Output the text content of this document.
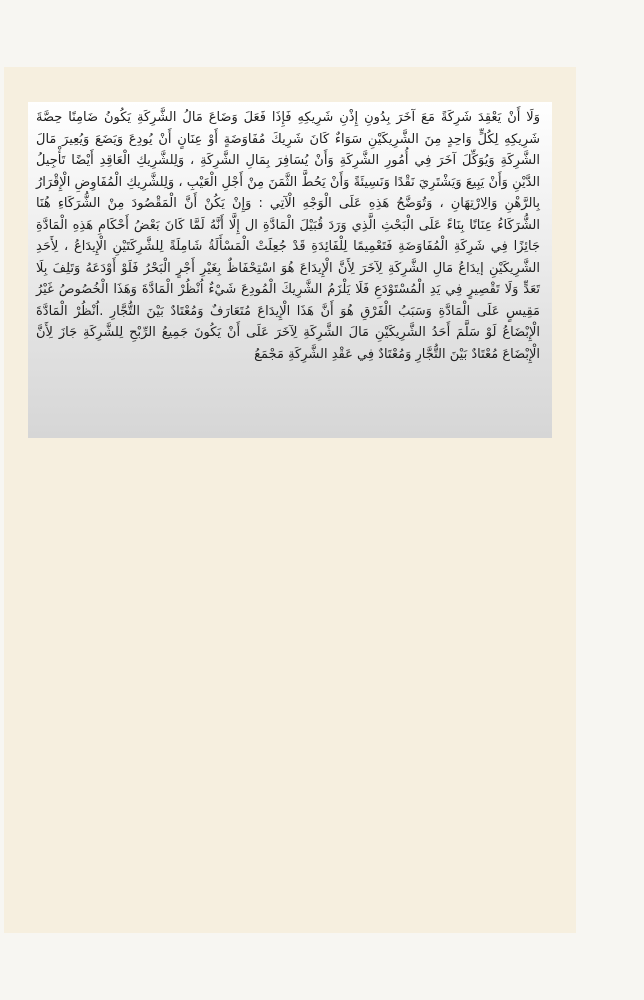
وَلَا أَنْ يَعْقِدَ شَرِكَةً مَعَ آخَرَ بِدُونِ إِذْنِ شَرِيكِهِ فَإِذَا فَعَلَ وَضَاعَ مَالُ الشَّرِكَةِ يَكُونُ ضَامِنًا حِصَّةَ شَرِيكِهِ لِكُلٍّ وَاحِدٍ مِنَ الشَّرِيكَيْنِ سَوَاءٌ كَانَ شَرِيكَ مُفَاوَضَةٍ أَوْ عِنَانٍ أَنْ يُودِعَ وَيَضَعَ وَيُعِيرَ مَالَ الشَّرِكَةِ وَيُوَكِّلَ آخَرَ فِي أُمُورِ الشَّرِكَةِ وَأَنْ يُسَافِرَ بِمَالِ الشَّرِكَةِ ، وَلِلشَّرِيكِ الْعَاقِدِ أَيْضًا تَأْجِيلُ الدَّيْنِ وَأَنْ يَبِيعَ وَيَشْتَرِيَ نَقْدًا وَنَسِيئَةً وَأَنْ يَحُطَّ الثَّمَنَ مِنْ أَجْلِ الْعَيْبِ ، وَلِلشَّرِيكِ الْمُفَاوِضِ الْإِقْرَارُ بِالرَّهْنِ وَالِارْتِهَانِ ، وَتُوَضَّحُ هَذِهِ عَلَى الْوَجْهِ الْآتِي : وَإِنْ يَكُنْ أَنَّ الْمَقْصُودَ مِنْ الشُّرَكَاءِ هُنَا الشُّرَكَاءُ عِنَانًا بِنَاءً عَلَى الْبَحْثِ الَّذِي وَرَدَ قُبَيْلَ الْمَادَّةِ ال إِلَّا أَنَّهُ لَمَّا كَانَ بَعْضُ أَحْكَامِ هَذِهِ الْمَادَّةِ جَائِزًا فِي شَرِكَةِ الْمُفَاوَضَةِ فَتَعْمِيمًا لِلْفَائِدَةِ قَدْ جُعِلَتْ الْمَسْأَلَةُ شَامِلَةً لِلشَّرِكَتَيْنِ الْإِيدَاعُ ، لِأَحَدِ الشَّرِيكَيْنِ إيدَاعُ مَالِ الشَّرِكَةِ لِآخَرَ لِأَنَّ الْإِيدَاعَ هُوَ اسْتِحْفَاظٌ بِغَيْرِ أَجْرٍ الْبَحْرُ فَلَوْ أَوْدَعَهُ وَتَلِفَ بِلَا تَعَدٍّ وَلَا تَقْصِيرٍ فِي يَدِ الْمُسْتَوْدَعِ فَلَا يَلْزَمُ الشَّرِيكَ الْمُودِعَ شَيْءٌ اُنْظُرْ الْمَادَّةَ وَهَذَا الْخُصُوصُ غَيْرُ مَقِيسٍ عَلَى الْمَادَّةِ وَسَبَبُ الْفَرْقِ هُوَ أَنَّ هَذَا الْإِيدَاعَ مُتَعَارَفٌ وَمُعْتَادٌ بَيْنَ التُّجَّارِ .اُنْظُرْ الْمَادَّةَ الْإِبْضَاعُ لَوْ سَلَّمَ أَحَدُ الشَّرِيكَيْنِ مَالَ الشَّرِكَةِ لِآخَرَ عَلَى أَنْ يَكُونَ جَمِيعُ الرِّبْحِ لِلشَّرِكَةِ جَازَ لِأَنَّ الْإِبْضَاعَ مُعْتَادٌ بَيْنَ التُّجَّارِ وَمُعْتَادٌ فِي عَقْدِ الشَّرِكَةِ مَجْمَعُ
